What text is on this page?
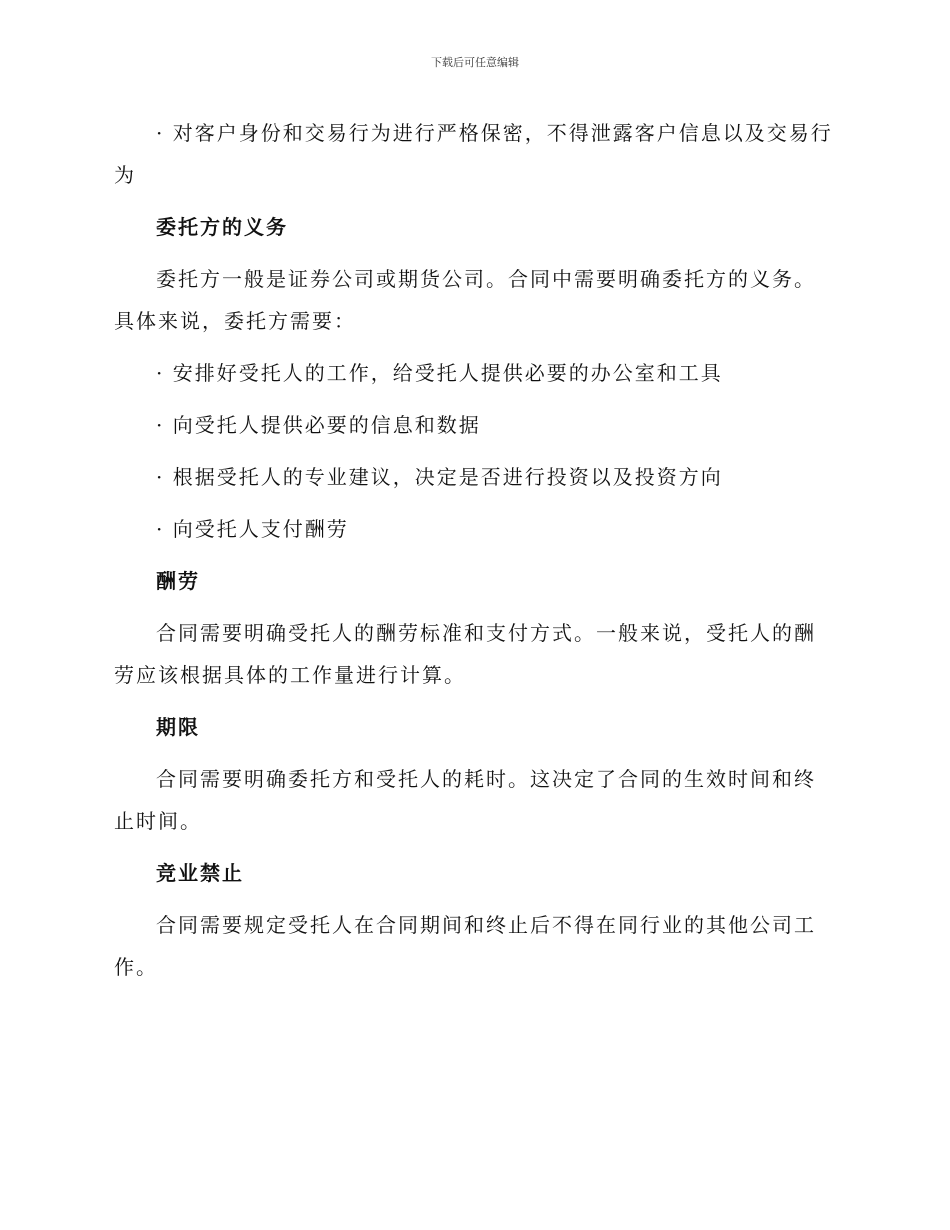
下载后可任意编辑

· 对客户身份和交易行为进行严格保密，不得泄露客户信息以及交易行为

委托方的义务

委托方一般是证券公司或期货公司。合同中需要明确委托方的义务。具体来说，委托方需要：

· 安排好受托人的工作，给受托人提供必要的办公室和工具

· 向受托人提供必要的信息和数据

· 根据受托人的专业建议，决定是否进行投资以及投资方向

· 向受托人支付酬劳

酬劳

合同需要明确受托人的酬劳标准和支付方式。一般来说，受托人的酬劳应该根据具体的工作量进行计算。

期限

合同需要明确委托方和受托人的耗时。这决定了合同的生效时间和终止时间。

竞业禁止

合同需要规定受托人在合同期间和终止后不得在同行业的其他公司工作。
